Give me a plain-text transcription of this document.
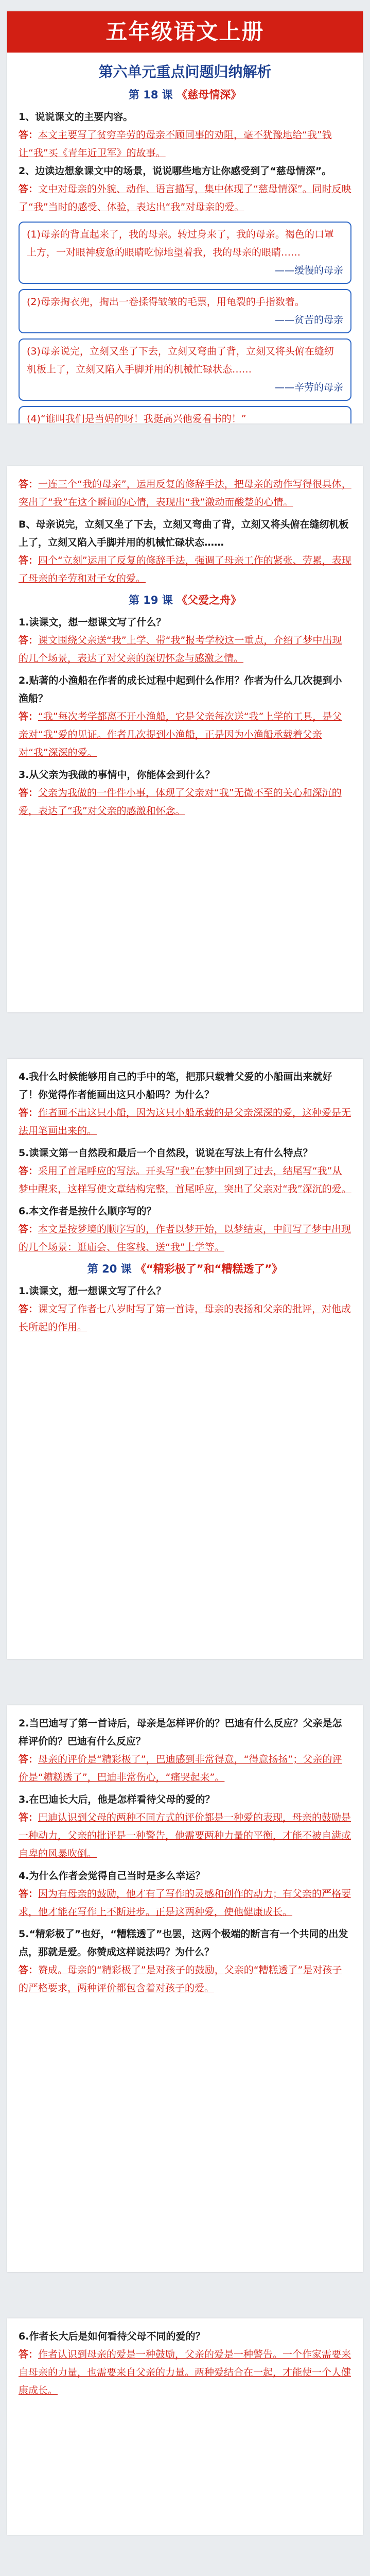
五年级语文上册
第六单元重点问题归纳解析
第 18 课 《慈母情深》

1、说说课文的主要内容。

答：本文主要写了贫穷辛劳的母亲不顾同事的劝阻，毫不犹豫地给“我”钱让“我”买《青年近卫军》的故事。

2、边读边想象课文中的场景，说说哪些地方让你感受到了“慈母情深”。

答：文中对母亲的外貌、动作、语言描写，集中体现了“慈母情深”。同时反映了“我”当时的感受、体验，表达出“我”对母亲的爱。

(1)母亲的背直起来了，我的母亲。转过身来了，我的母亲。褐色的口罩上方，一对眼神疲惫的眼睛吃惊地望着我，我的母亲的眼睛……

——缓慢的母亲

(2)母亲掏衣兜，掏出一卷揉得皱皱的毛票，用龟裂的手指数着。

——贫苦的母亲

(3)母亲说完，立刻又坐了下去，立刻又弯曲了背，立刻又将头俯在缝纫机板上了，立刻又陷入手脚并用的机械忙碌状态……

——辛劳的母亲

(4)“谁叫我们是当妈的呀！我挺高兴他爱看书的！”

答：一连三个“我的母亲”，运用反复的修辞手法，把母亲的动作写得很具体，突出了“我”在这个瞬间的心情，表现出“我”激动而酸楚的心情。

B、母亲说完，立刻又坐了下去，立刻又弯曲了背，立刻又将头俯在缝纫机板上了，立刻又陷入手脚并用的机械忙碌状态……

答：四个“立刻”运用了反复的修辞手法，强调了母亲工作的紧张、劳累，表现了母亲的辛劳和对子女的爱。

第 19 课 《父爱之舟》

1.读课文，想一想课文写了什么？

答：课文围绕父亲送“我”上学、带“我”报考学校这一重点，介绍了梦中出现的几个场景，表达了对父亲的深切怀念与感激之情。

2.贴著的小渔船在作者的成长过程中起到什么作用？作者为什么几次提到小渔船？

答：“我”每次考学都离不开小渔船，它是父亲每次送“我”上学的工具，是父亲对“我”爱的见证。作者几次提到小渔船，正是因为小渔船承载着父亲对“我”深深的爱。

3.从父亲为我做的事情中，你能体会到什么？

答：父亲为我做的一件件小事，体现了父亲对“我”无微不至的关心和深沉的爱，表达了“我”对父亲的感激和怀念。

4.我什么时候能够用自己的手中的笔，把那只载着父爱的小船画出来就好了！你觉得作者能画出这只小船吗？为什么？

答：作者画不出这只小船，因为这只小船承载的是父亲深深的爱，这种爱是无法用笔画出来的。

5.读课文第一自然段和最后一个自然段，说说在写法上有什么特点？

答：采用了首尾呼应的写法。开头写“我”在梦中回到了过去，结尾写“我”从梦中醒来，这样写使文章结构完整，首尾呼应，突出了父亲对“我”深沉的爱。

6.本文作者是按什么顺序写的？

答：本文是按梦境的顺序写的，作者以梦开始，以梦结束，中间写了梦中出现的几个场景：逛庙会、住客栈、送“我”上学等。

第 20 课 《“精彩极了”和“糟糕透了”》

1.读课文，想一想课文写了什么？

答：课文写了作者七八岁时写了第一首诗，母亲的表扬和父亲的批评，对他成长所起的作用。

2.当巴迪写了第一首诗后，母亲是怎样评价的？巴迪有什么反应？父亲是怎样评价的？巴迪有什么反应？

答：母亲的评价是“精彩极了”，巴迪感到非常得意，“得意扬扬”；父亲的评价是“糟糕透了”，巴迪非常伤心，“痛哭起来”。

3.在巴迪长大后，他是怎样看待父母的爱的？

答：巴迪认识到父母的两种不同方式的评价都是一种爱的表现，母亲的鼓励是一种动力，父亲的批评是一种警告，他需要两种力量的平衡，才能不被自满或自卑的风暴吹倒。

4.为什么作者会觉得自己当时是多么幸运？

答：因为有母亲的鼓励，他才有了写作的灵感和创作的动力；有父亲的严格要求，他才能在写作上不断进步。正是这两种爱，使他健康成长。

5.“精彩极了”也好，“糟糕透了”也罢，这两个极端的断言有一个共同的出发点，那就是爱。你赞成这样说法吗？为什么？

答：赞成。母亲的“精彩极了”是对孩子的鼓励，父亲的“糟糕透了”是对孩子的严格要求，两种评价都包含着对孩子的爱。

6.作者长大后是如何看待父母不同的爱的？

答：作者认识到母亲的爱是一种鼓励，父亲的爱是一种警告。一个作家需要来自母亲的力量，也需要来自父亲的力量。两种爱结合在一起，才能使一个人健康成长。
